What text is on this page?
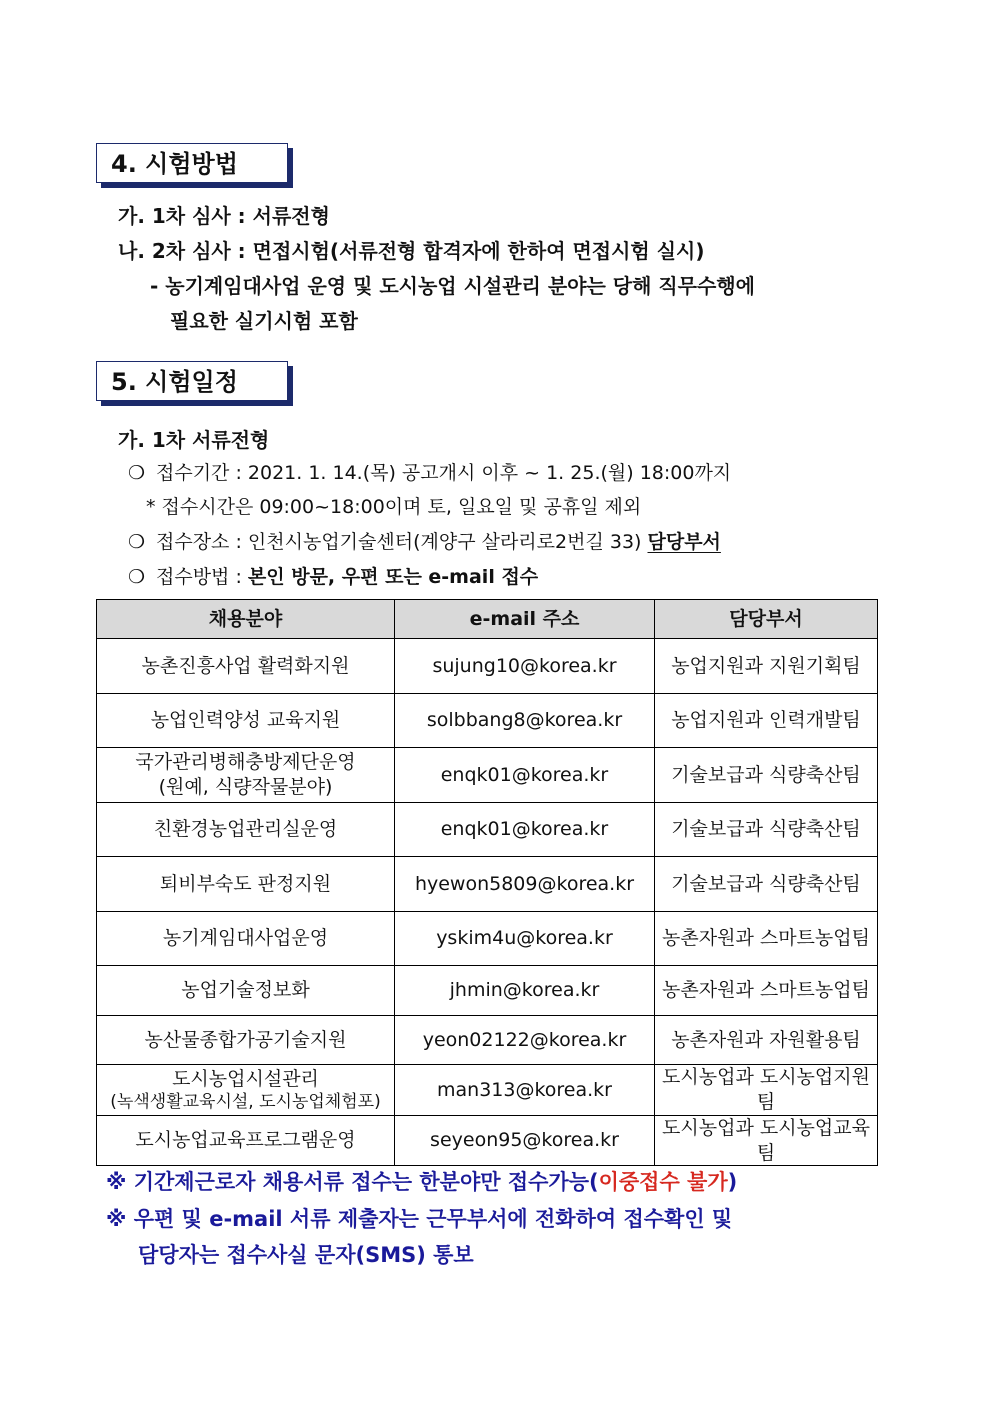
4. 시험방법
가. 1차 심사 : 서류전형
나. 2차 심사 : 면접시험(서류전형 합격자에 한하여 면접시험 실시)
- 농기계임대사업 운영 및 도시농업 시설관리 분야는 당해 직무수행에
필요한 실기시험 포함
5. 시험일정
가. 1차 서류전형
❍ 접수기간 : 2021. 1. 14.(목) 공고개시 이후 ~ 1. 25.(월) 18:00까지
* 접수시간은 09:00~18:00이며 토, 일요일 및 공휴일 제외
❍ 접수장소 : 인천시농업기술센터(계양구 살라리로2번길 33) 담당부서
❍ 접수방법 : 본인 방문, 우편 또는 e-mail 접수
채용분야	e-mail 주소	담당부서
농촌진흥사업 활력화지원	sujung10@korea.kr	농업지원과 지원기획팀
농업인력양성 교육지원	solbbang8@korea.kr	농업지원과 인력개발팀

국가관리병해충방제단운영
(원예, 식량작물분야)	enqk01@korea.kr	기술보급과 식량축산팀
친환경농업관리실운영	enqk01@korea.kr	기술보급과 식량축산팀
퇴비부숙도 판정지원	hyewon5809@korea.kr	기술보급과 식량축산팀
농기계임대사업운영	yskim4u@korea.kr	농촌자원과 스마트농업팀
농업기술정보화	jhmin@korea.kr	농촌자원과 스마트농업팀
농산물종합가공기술지원	yeon02122@korea.kr	농촌자원과 자원활용팀

도시농업시설관리
(녹색생활교육시설, 도시농업체험포)	man313@korea.kr	도시농업과 도시농업지원팀
도시농업교육프로그램운영	seyeon95@korea.kr	도시농업과 도시농업교육팀
※ 기간제근로자 채용서류 접수는 한분야만 접수가능(이중접수 불가)
※ 우편 및 e-mail 서류 제출자는 근무부서에 전화하여 접수확인 및
담당자는 접수사실 문자(SMS) 통보
